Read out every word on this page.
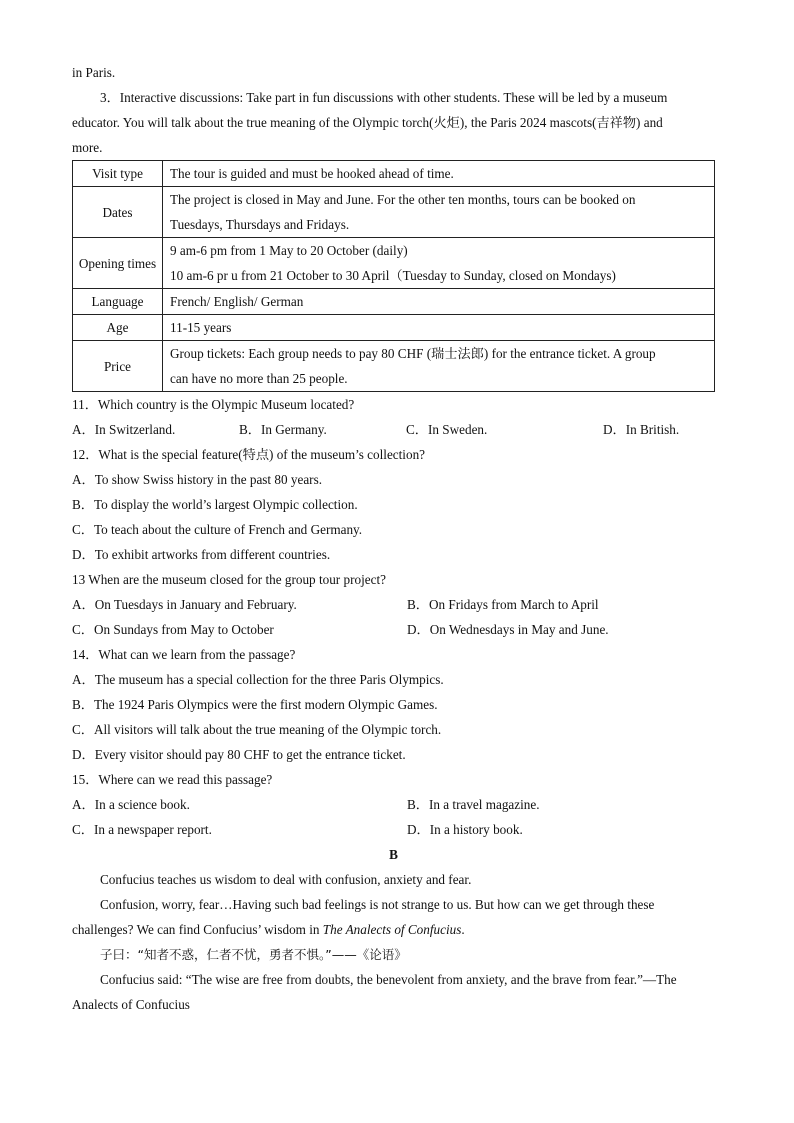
in Paris.
3．Interactive discussions: Take part in fun discussions with other students. These will be led by a museum
educator. You will talk about the true meaning of the Olympic torch(火炬), the Paris 2024 mascots(吉祥物) and
more.
Visit type	The tour is guided and must be hooked ahead of time.
Dates	The project is closed in May and June. For the other ten months, tours can be booked on
Tuesdays, Thursdays and Fridays.

Opening times	9 am-6 pm from 1 May to 20 October (daily)
10 am-6 pr u from 21 October to 30 April（Tuesday to Sunday, closed on Mondays)

Language	French/ English/ German
Age	11-15 years
Price	Group tickets: Each group needs to pay 80 CHF (瑞士法郎) for the entrance ticket. A group
can have no more than 25 people.
11．Which country is the Olympic Museum located?
A．In Switzerland.	B．In Germany.	C．In Sweden.	D．In British.
12．What is the special feature(特点) of the museum’s collection?
A．To show Swiss history in the past 80 years.
B．To display the world’s largest Olympic collection.
C．To teach about the culture of French and Germany.
D．To exhibit artworks from different countries.
13 When are the museum closed for the group tour project?
A．On Tuesdays in January and February.	B．On Fridays from March to April
C．On Sundays from May to October	D．On Wednesdays in May and June.
14．What can we learn from the passage?
A．The museum has a special collection for the three Paris Olympics.
B．The 1924 Paris Olympics were the first modern Olympic Games.
C．All visitors will talk about the true meaning of the Olympic torch.
D．Every visitor should pay 80 CHF to get the entrance ticket.
15．Where can we read this passage?
A．In a science book.	B．In a travel magazine.
C．In a newspaper report.	D．In a history book.
B
Confucius teaches us wisdom to deal with confusion, anxiety and fear.
Confusion, worry, fear…Having such bad feelings is not strange to us. But how can we get through these
challenges? We can find Confucius’ wisdom in The Analects of Confucius.
子曰：“知者不惑，仁者不忧，勇者不惧。”——《论语》
Confucius said: “The wise are free from doubts, the benevolent from anxiety, and the brave from fear.”—The
Analects of Confucius
